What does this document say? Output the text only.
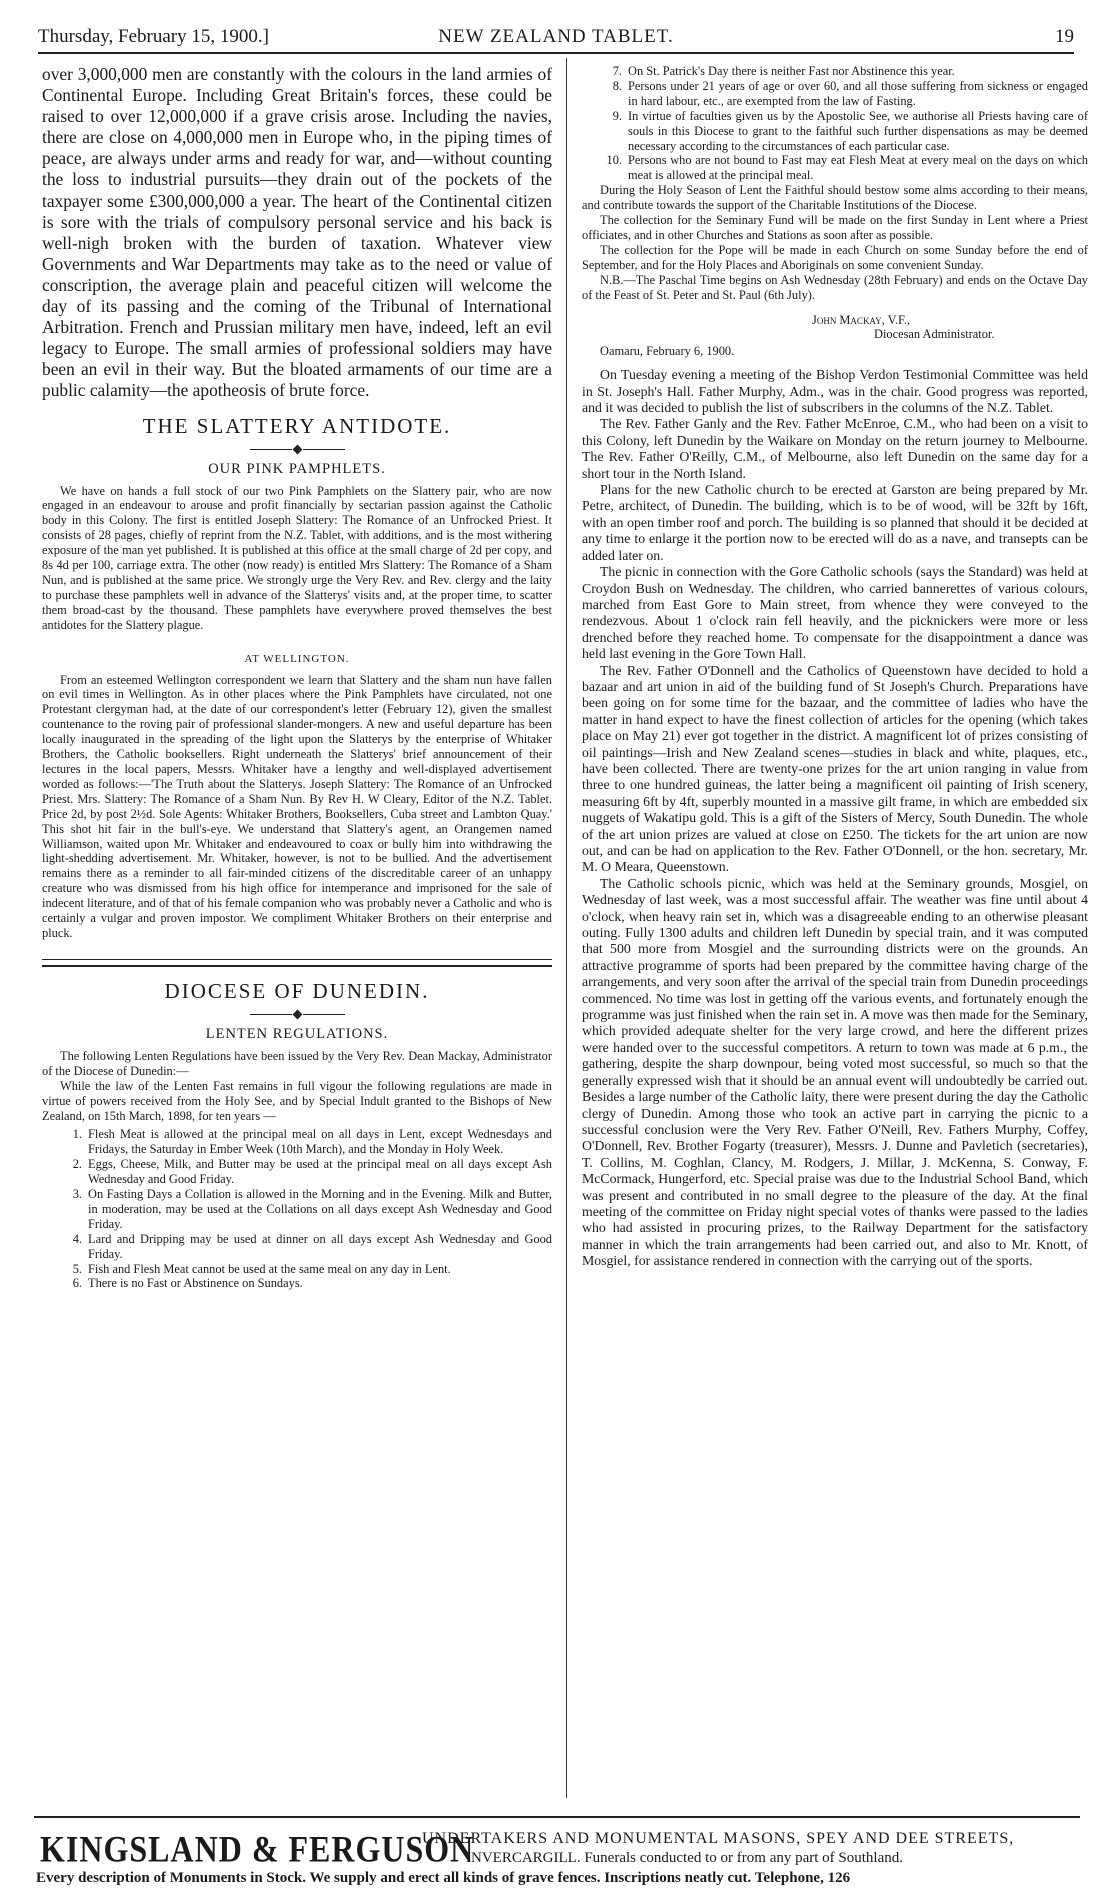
Thursday, February 15, 1900.]	NEW ZEALAND TABLET.	19

over 3,000,000 men are constantly with the colours in the land armies of Continental Europe. Including Great Britain's forces, these could be raised to over 12,000,000 if a grave crisis arose. Including the navies, there are close on 4,000,000 men in Europe who, in the piping times of peace, are always under arms and ready for war, and—without counting the loss to industrial pursuits—they drain out of the pockets of the taxpayer some £300,000,000 a year. The heart of the Continental citizen is sore with the trials of compulsory personal service and his back is well-nigh broken with the burden of taxation. Whatever view Governments and War Departments may take as to the need or value of conscription, the average plain and peaceful citizen will welcome the day of its passing and the coming of the Tribunal of International Arbitration. French and Prussian military men have, indeed, left an evil legacy to Europe. The small armies of professional soldiers may have been an evil in their way. But the bloated armaments of our time are a public calamity—the apotheosis of brute force.

THE SLATTERY ANTIDOTE.
OUR PINK PAMPHLETS.

We have on hands a full stock of our two Pink Pamphlets on the Slattery pair, who are now engaged in an endeavour to arouse and profit financially by sectarian passion against the Catholic body in this Colony. The first is entitled Joseph Slattery: The Romance of an Unfrocked Priest. It consists of 28 pages, chiefly of reprint from the N.Z. Tablet, with additions, and is the most withering exposure of the man yet published. It is published at this office at the small charge of 2d per copy, and 8s 4d per 100, carriage extra. The other (now ready) is entitled Mrs Slattery: The Romance of a Sham Nun, and is published at the same price. We strongly urge the Very Rev. and Rev. clergy and the laity to purchase these pamphlets well in advance of the Slatterys' visits and, at the proper time, to scatter them broad-cast by the thousand. These pamphlets have everywhere proved themselves the best antidotes for the Slattery plague.

AT WELLINGTON.

From an esteemed Wellington correspondent we learn that Slattery and the sham nun have fallen on evil times in Wellington. As in other places where the Pink Pamphlets have circulated, not one Protestant clergyman had, at the date of our correspondent's letter (February 12), given the smallest countenance to the roving pair of professional slander-mongers. A new and useful departure has been locally inaugurated in the spreading of the light upon the Slatterys by the enterprise of Whitaker Brothers, the Catholic booksellers. Right underneath the Slatterys' brief announcement of their lectures in the local papers, Messrs. Whitaker have a lengthy and well-displayed advertisement worded as follows:—'The Truth about the Slatterys. Joseph Slattery: The Romance of an Unfrocked Priest. Mrs. Slattery: The Romance of a Sham Nun. By Rev H. W Cleary, Editor of the N.Z. Tablet. Price 2d, by post 2½d. Sole Agents: Whitaker Brothers, Booksellers, Cuba street and Lambton Quay.' This shot hit fair in the bull's-eye. We understand that Slattery's agent, an Orangemen named Williamson, waited upon Mr. Whitaker and endeavoured to coax or bully him into withdrawing the light-shedding advertisement. Mr. Whitaker, however, is not to be bullied. And the advertisement remains there as a reminder to all fair-minded citizens of the discreditable career of an unhappy creature who was dismissed from his high office for intemperance and imprisoned for the sale of indecent literature, and of that of his female companion who was probably never a Catholic and who is certainly a vulgar and proven impostor. We compliment Whitaker Brothers on their enterprise and pluck.

DIOCESE OF DUNEDIN.
LENTEN REGULATIONS.

The following Lenten Regulations have been issued by the Very Rev. Dean Mackay, Administrator of the Diocese of Dunedin:—

While the law of the Lenten Fast remains in full vigour the following regulations are made in virtue of powers received from the Holy See, and by Special Indult granted to the Bishops of New Zealand, on 15th March, 1898, for ten years —

1. Flesh Meat is allowed at the principal meal on all days in Lent, except Wednesdays and Fridays, the Saturday in Ember Week (10th March), and the Monday in Holy Week.
2. Eggs, Cheese, Milk, and Butter may be used at the principal meal on all days except Ash Wednesday and Good Friday.
3. On Fasting Days a Collation is allowed in the Morning and in the Evening. Milk and Butter, in moderation, may be used at the Collations on all days except Ash Wednesday and Good Friday.
4. Lard and Dripping may be used at dinner on all days except Ash Wednesday and Good Friday.
5. Fish and Flesh Meat cannot be used at the same meal on any day in Lent.
6. There is no Fast or Abstinence on Sundays.
7. On St. Patrick's Day there is neither Fast nor Abstinence this year.
8. Persons under 21 years of age or over 60, and all those suffering from sickness or engaged in hard labour, etc., are exempted from the law of Fasting.
9. In virtue of faculties given us by the Apostolic See, we authorise all Priests having care of souls in this Diocese to grant to the faithful such further dispensations as may be deemed necessary according to the circumstances of each particular case.
10. Persons who are not bound to Fast may eat Flesh Meat at every meal on the days on which meat is allowed at the principal meal.

During the Holy Season of Lent the Faithful should bestow some alms according to their means, and contribute towards the support of the Charitable Institutions of the Diocese.

The collection for the Seminary Fund will be made on the first Sunday in Lent where a Priest officiates, and in other Churches and Stations as soon after as possible.

The collection for the Pope will be made in each Church on some Sunday before the end of September, and for the Holy Places and Aboriginals on some convenient Sunday.

N.B.—The Paschal Time begins on Ash Wednesday (28th February) and ends on the Octave Day of the Feast of St. Peter and St. Paul (6th July).

John Mackay, V.F.,
Diocesan Administrator.
Oamaru, February 6, 1900.

On Tuesday evening a meeting of the Bishop Verdon Testimonial Committee was held in St. Joseph's Hall. Father Murphy, Adm., was in the chair. Good progress was reported, and it was decided to publish the list of subscribers in the columns of the N.Z. Tablet.

The Rev. Father Ganly and the Rev. Father McEnroe, C.M., who had been on a visit to this Colony, left Dunedin by the Waikare on Monday on the return journey to Melbourne. The Rev. Father O'Reilly, C.M., of Melbourne, also left Dunedin on the same day for a short tour in the North Island.

Plans for the new Catholic church to be erected at Garston are being prepared by Mr. Petre, architect, of Dunedin. The building, which is to be of wood, will be 32ft by 16ft, with an open timber roof and porch. The building is so planned that should it be decided at any time to enlarge it the portion now to be erected will do as a nave, and transepts can be added later on.

The picnic in connection with the Gore Catholic schools (says the Standard) was held at Croydon Bush on Wednesday. The children, who carried bannerettes of various colours, marched from East Gore to Main street, from whence they were conveyed to the rendezvous. About 1 o'clock rain fell heavily, and the picknickers were more or less drenched before they reached home. To compensate for the disappointment a dance was held last evening in the Gore Town Hall.

The Rev. Father O'Donnell and the Catholics of Queenstown have decided to hold a bazaar and art union in aid of the building fund of St Joseph's Church. Preparations have been going on for some time for the bazaar, and the committee of ladies who have the matter in hand expect to have the finest collection of articles for the opening (which takes place on May 21) ever got together in the district. A magnificent lot of prizes consisting of oil paintings—Irish and New Zealand scenes—studies in black and white, plaques, etc., have been collected. There are twenty-one prizes for the art union ranging in value from three to one hundred guineas, the latter being a magnificent oil painting of Irish scenery, measuring 6ft by 4ft, superbly mounted in a massive gilt frame, in which are embedded six nuggets of Wakatipu gold. This is a gift of the Sisters of Mercy, South Dunedin. The whole of the art union prizes are valued at close on £250. The tickets for the art union are now out, and can be had on application to the Rev. Father O'Donnell, or the hon. secretary, Mr. M. O Meara, Queenstown.

The Catholic schools picnic, which was held at the Seminary grounds, Mosgiel, on Wednesday of last week, was a most successful affair. The weather was fine until about 4 o'clock, when heavy rain set in, which was a disagreeable ending to an otherwise pleasant outing. Fully 1300 adults and children left Dunedin by special train, and it was computed that 500 more from Mosgiel and the surrounding districts were on the grounds. An attractive programme of sports had been prepared by the committee having charge of the arrangements, and very soon after the arrival of the special train from Dunedin proceedings commenced. No time was lost in getting off the various events, and fortunately enough the programme was just finished when the rain set in. A move was then made for the Seminary, which provided adequate shelter for the very large crowd, and here the different prizes were handed over to the successful competitors. A return to town was made at 6 p.m., the gathering, despite the sharp downpour, being voted most successful, so much so that the generally expressed wish that it should be an annual event will undoubtedly be carried out. Besides a large number of the Catholic laity, there were present during the day the Catholic clergy of Dunedin. Among those who took an active part in carrying the picnic to a successful conclusion were the Very Rev. Father O'Neill, Rev. Fathers Murphy, Coffey, O'Donnell, Rev. Brother Fogarty (treasurer), Messrs. J. Dunne and Pavletich (secretaries), T. Collins, M. Coghlan, Clancy, M. Rodgers, J. Millar, J. McKenna, S. Conway, F. McCormack, Hungerford, etc. Special praise was due to the Industrial School Band, which was present and contributed in no small degree to the pleasure of the day. At the final meeting of the committee on Friday night special votes of thanks were passed to the ladies who had assisted in procuring prizes, to the Railway Department for the satisfactory manner in which the train arrangements had been carried out, and also to Mr. Knott, of Mosgiel, for assistance rendered in connection with the carrying out of the sports.

KINGSLAND & FERGUSON
UNDERTAKERS AND MONUMENTAL MASONS, SPEY AND DEE STREETS,
INVERCARGILL. Funerals conducted to or from any part of Southland.
Every description of Monuments in Stock. We supply and erect all kinds of grave fences. Inscriptions neatly cut. Telephone, 126
